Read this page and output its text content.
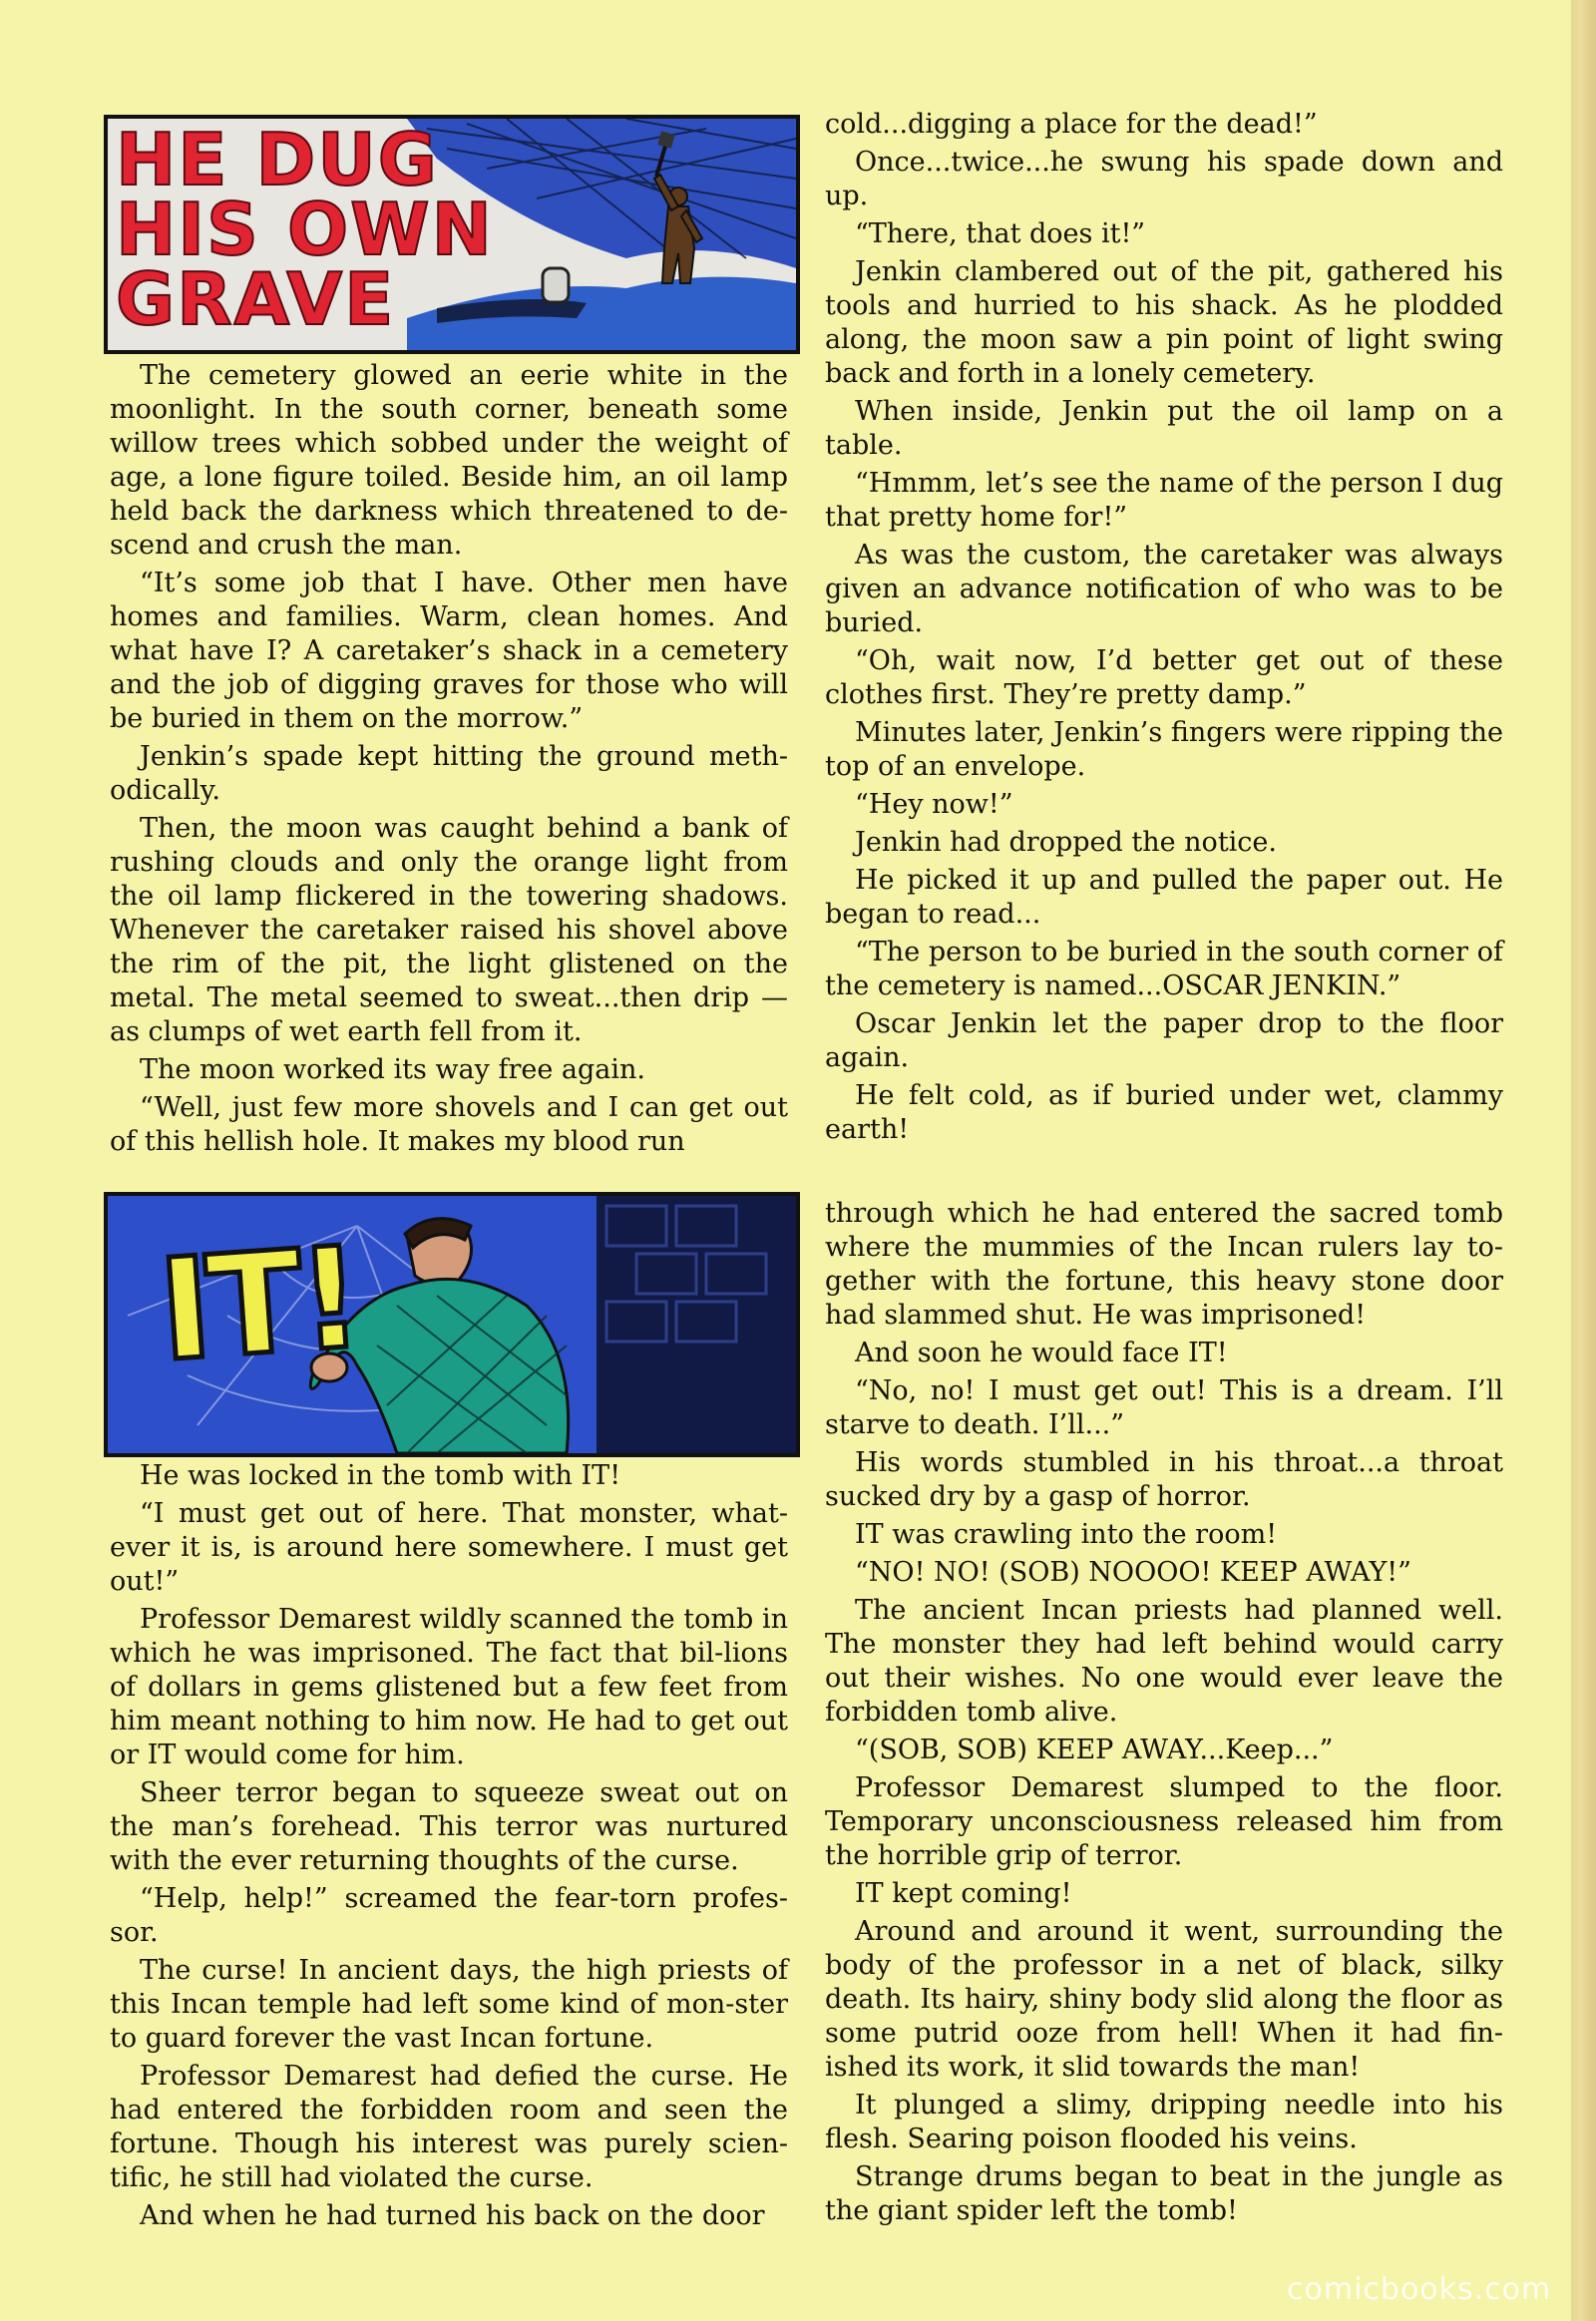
HE DUG
HIS OWN
GRAVE

The cemetery glowed an eerie white in the moonlight. In the south corner, beneath some willow trees which sobbed under the weight of age, a lone figure toiled. Beside him, an oil lamp held back the darkness which threatened to de-scend and crush the man.

“It’s some job that I have. Other men have homes and families. Warm, clean homes. And what have I? A caretaker’s shack in a cemetery and the job of digging graves for those who will be buried in them on the morrow.”

Jenkin’s spade kept hitting the ground meth-odically.

Then, the moon was caught behind a bank of rushing clouds and only the orange light from the oil lamp flickered in the towering shadows. Whenever the caretaker raised his shovel above the rim of the pit, the light glistened on the metal. The metal seemed to sweat...then drip —as clumps of wet earth fell from it.

The moon worked its way free again.

“Well, just few more shovels and I can get out of this hellish hole. It makes my blood run

cold...digging a place for the dead!”

Once...twice...he swung his spade down and up.

“There, that does it!”

Jenkin clambered out of the pit, gathered his tools and hurried to his shack. As he plodded along, the moon saw a pin point of light swing back and forth in a lonely cemetery.

When inside, Jenkin put the oil lamp on a table.

“Hmmm, let’s see the name of the person I dug that pretty home for!”

As was the custom, the caretaker was always given an advance notification of who was to be buried.

“Oh, wait now, I’d better get out of these clothes first. They’re pretty damp.”

Minutes later, Jenkin’s fingers were ripping the top of an envelope.

“Hey now!”

Jenkin had dropped the notice.

He picked it up and pulled the paper out. He began to read...

“The person to be buried in the south corner of the cemetery is named...OSCAR JENKIN.”

Oscar Jenkin let the paper drop to the floor again.

He felt cold, as if buried under wet, clammy earth!

IT!

He was locked in the tomb with IT!

“I must get out of here. That monster, what-ever it is, is around here somewhere. I must get out!”

Professor Demarest wildly scanned the tomb in which he was imprisoned. The fact that bil-lions of dollars in gems glistened but a few feet from him meant nothing to him now. He had to get out or IT would come for him.

Sheer terror began to squeeze sweat out on the man’s forehead. This terror was nurtured with the ever returning thoughts of the curse.

“Help, help!” screamed the fear-torn profes-sor.

The curse! In ancient days, the high priests of this Incan temple had left some kind of mon-ster to guard forever the vast Incan fortune.

Professor Demarest had defied the curse. He had entered the forbidden room and seen the fortune. Though his interest was purely scien-tific, he still had violated the curse.

And when he had turned his back on the door

through which he had entered the sacred tomb where the mummies of the Incan rulers lay to-gether with the fortune, this heavy stone door had slammed shut. He was imprisoned!

And soon he would face IT!

“No, no! I must get out! This is a dream. I’ll starve to death. I’ll...”

His words stumbled in his throat...a throat sucked dry by a gasp of horror.

IT was crawling into the room!

“NO! NO! (SOB) NOOOO! KEEP AWAY!”

The ancient Incan priests had planned well. The monster they had left behind would carry out their wishes. No one would ever leave the forbidden tomb alive.

“(SOB, SOB) KEEP AWAY...Keep...”

Professor Demarest slumped to the floor. Temporary unconsciousness released him from the horrible grip of terror.

IT kept coming!

Around and around it went, surrounding the body of the professor in a net of black, silky death. Its hairy, shiny body slid along the floor as some putrid ooze from hell! When it had fin-ished its work, it slid towards the man!

It plunged a slimy, dripping needle into his flesh. Searing poison flooded his veins.

Strange drums began to beat in the jungle as the giant spider left the tomb!

comicbooks.com
